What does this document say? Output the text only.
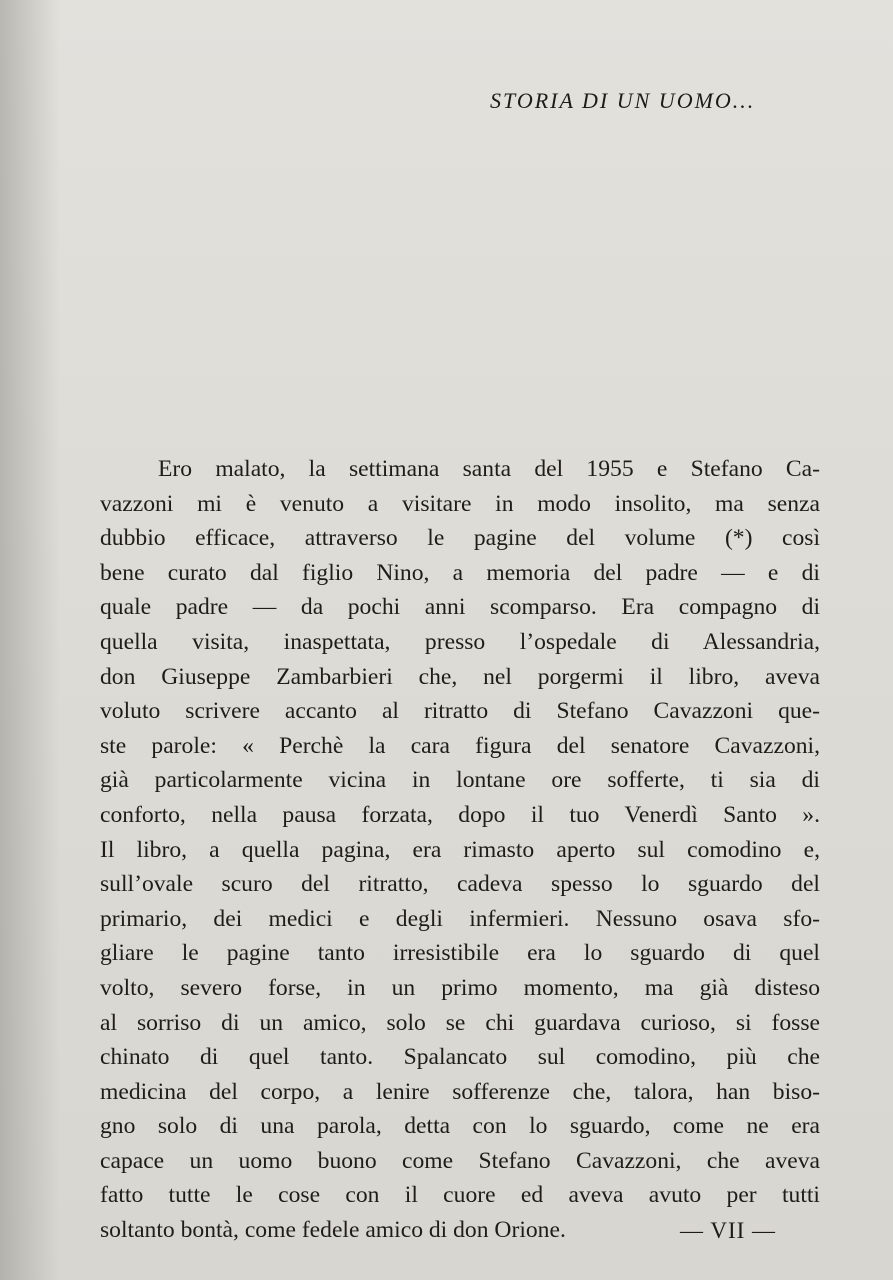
STORIA DI UN UOMO...
Ero malato, la settimana santa del 1955 e Stefano Ca-
vazzoni mi è venuto a visitare in modo insolito, ma senza
dubbio efficace, attraverso le pagine del volume (*) così
bene curato dal figlio Nino, a memoria del padre — e di
quale padre — da pochi anni scomparso. Era compagno di
quella visita, inaspettata, presso l’ospedale di Alessandria,
don Giuseppe Zambarbieri che, nel porgermi il libro, aveva
voluto scrivere accanto al ritratto di Stefano Cavazzoni que-
ste parole: « Perchè la cara figura del senatore Cavazzoni,
già particolarmente vicina in lontane ore sofferte, ti sia di
conforto, nella pausa forzata, dopo il tuo Venerdì Santo ».
Il libro, a quella pagina, era rimasto aperto sul comodino e,
sull’ovale scuro del ritratto, cadeva spesso lo sguardo del
primario, dei medici e degli infermieri. Nessuno osava sfo-
gliare le pagine tanto irresistibile era lo sguardo di quel
volto, severo forse, in un primo momento, ma già disteso
al sorriso di un amico, solo se chi guardava curioso, si fosse
chinato di quel tanto. Spalancato sul comodino, più che
medicina del corpo, a lenire sofferenze che, talora, han biso-
gno solo di una parola, detta con lo sguardo, come ne era
capace un uomo buono come Stefano Cavazzoni, che aveva
fatto tutte le cose con il cuore ed aveva avuto per tutti
soltanto bontà, come fedele amico di don Orione.	— VII —
